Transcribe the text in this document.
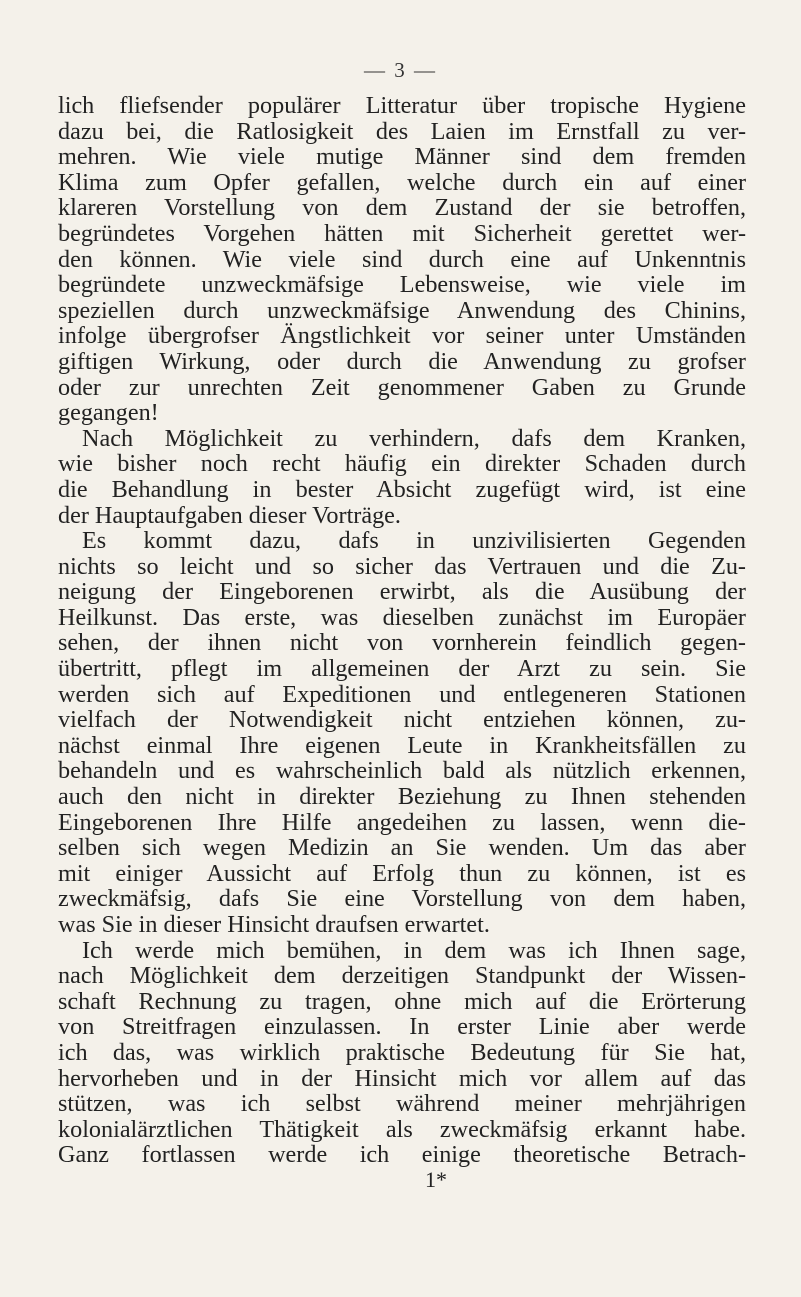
— 3 —
lich fliefsender populärer Litteratur über tropische Hygiene
dazu bei, die Ratlosigkeit des Laien im Ernstfall zu ver-
mehren. Wie viele mutige Männer sind dem fremden
Klima zum Opfer gefallen, welche durch ein auf einer
klareren Vorstellung von dem Zustand der sie betroffen,
begründetes Vorgehen hätten mit Sicherheit gerettet wer-
den können. Wie viele sind durch eine auf Unkenntnis
begründete unzweckmäfsige Lebensweise, wie viele im
speziellen durch unzweckmäfsige Anwendung des Chinins,
infolge übergrofser Ängstlichkeit vor seiner unter Umständen
giftigen Wirkung, oder durch die Anwendung zu grofser
oder zur unrechten Zeit genommener Gaben zu Grunde
gegangen!
Nach Möglichkeit zu verhindern, dafs dem Kranken,
wie bisher noch recht häufig ein direkter Schaden durch
die Behandlung in bester Absicht zugefügt wird, ist eine
der Hauptaufgaben dieser Vorträge.
Es kommt dazu, dafs in unzivilisierten Gegenden
nichts so leicht und so sicher das Vertrauen und die Zu-
neigung der Eingeborenen erwirbt, als die Ausübung der
Heilkunst. Das erste, was dieselben zunächst im Europäer
sehen, der ihnen nicht von vornherein feindlich gegen-
übertritt, pflegt im allgemeinen der Arzt zu sein. Sie
werden sich auf Expeditionen und entlegeneren Stationen
vielfach der Notwendigkeit nicht entziehen können, zu-
nächst einmal Ihre eigenen Leute in Krankheitsfällen zu
behandeln und es wahrscheinlich bald als nützlich erkennen,
auch den nicht in direkter Beziehung zu Ihnen stehenden
Eingeborenen Ihre Hilfe angedeihen zu lassen, wenn die-
selben sich wegen Medizin an Sie wenden. Um das aber
mit einiger Aussicht auf Erfolg thun zu können, ist es
zweckmäfsig, dafs Sie eine Vorstellung von dem haben,
was Sie in dieser Hinsicht draufsen erwartet.
Ich werde mich bemühen, in dem was ich Ihnen sage,
nach Möglichkeit dem derzeitigen Standpunkt der Wissen-
schaft Rechnung zu tragen, ohne mich auf die Erörterung
von Streitfragen einzulassen. In erster Linie aber werde
ich das, was wirklich praktische Bedeutung für Sie hat,
hervorheben und in der Hinsicht mich vor allem auf das
stützen, was ich selbst während meiner mehrjährigen
kolonialärztlichen Thätigkeit als zweckmäfsig erkannt habe.
Ganz fortlassen werde ich einige theoretische Betrach-
1*
